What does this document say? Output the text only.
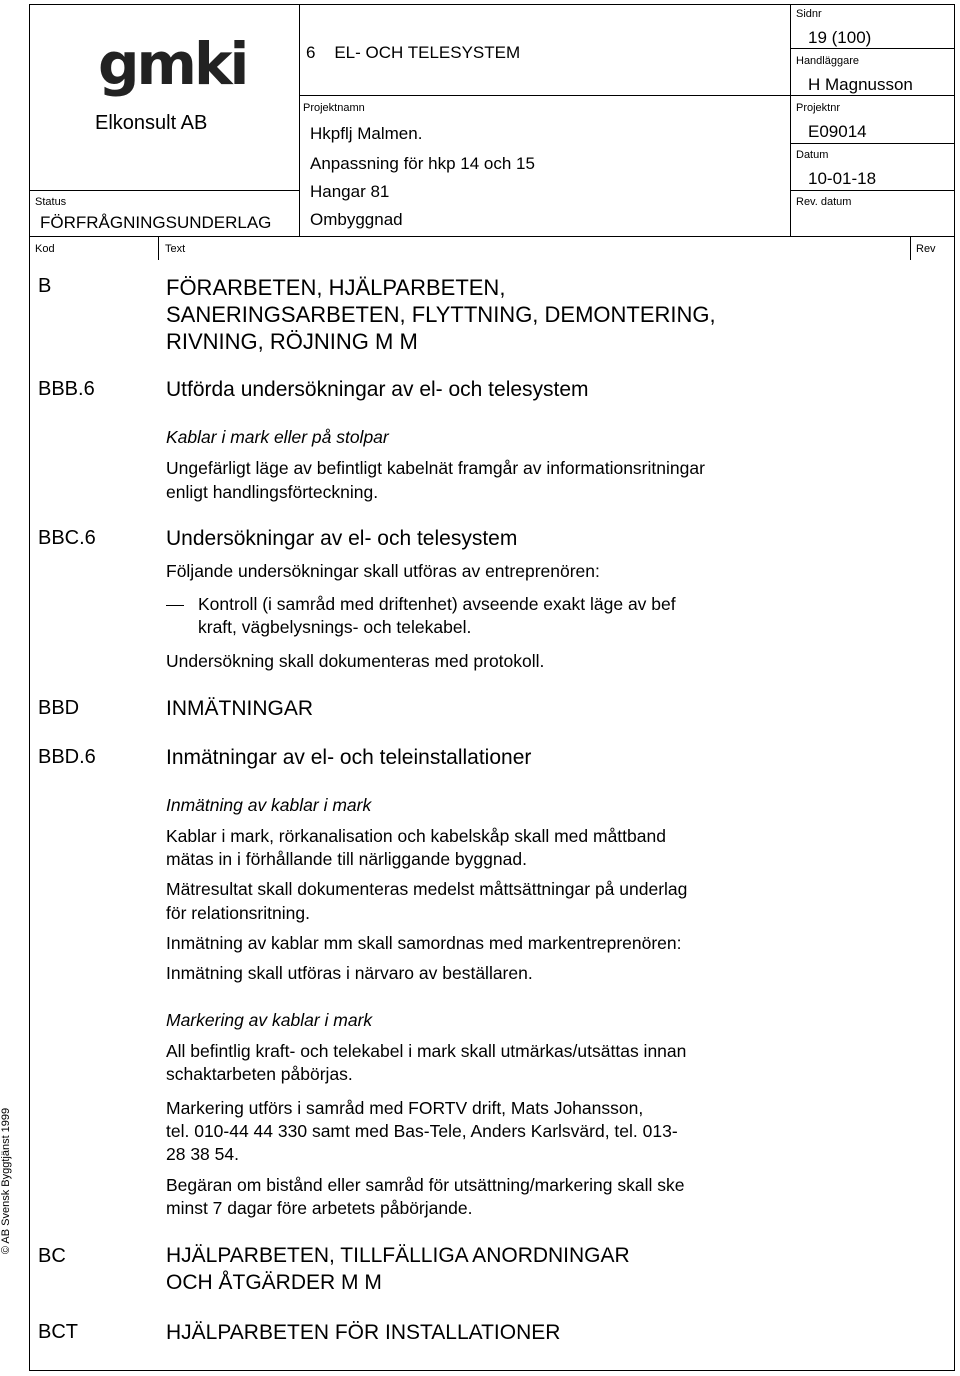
gmki
Elkonsult AB
Status
FÖRFRÅGNINGSUNDERLAG
6    EL- OCH TELESYSTEM
Projektnamn
Hkpflj Malmen.
Anpassning för hkp 14 och 15
Hangar 81
Ombyggnad
Sidnr
19 (100)
Handläggare
H Magnusson
Projektnr
E09014
Datum
10-01-18
Rev. datum
Kod	Text	Rev
B	FÖRARBETEN, HJÄLPARBETEN,
SANERINGSARBETEN, FLYTTNING, DEMONTERING,
RIVNING, RÖJNING M M
BBB.6	Utförda undersökningar av el- och telesystem
Kablar i mark eller på stolpar
Ungefärligt läge av befintligt kabelnät framgår av informationsritningar
enligt handlingsförteckning.
BBC.6	Undersökningar av el- och telesystem
Följande undersökningar skall utföras av entreprenören:
Kontroll (i samråd med driftenhet) avseende exakt läge av bef
kraft, vägbelysnings- och telekabel.
Undersökning skall dokumenteras med protokoll.
BBD	INMÄTNINGAR
BBD.6	Inmätningar av el- och teleinstallationer
Inmätning av kablar i mark
Kablar i mark, rörkanalisation och kabelskåp skall med måttband
mätas in i förhållande till närliggande byggnad.
Mätresultat skall dokumenteras medelst måttsättningar på underlag
för relationsritning.
Inmätning av kablar mm skall samordnas med markentreprenören:
Inmätning skall utföras i närvaro av beställaren.
Markering av kablar i mark
All befintlig kraft- och telekabel i mark skall utmärkas/utsättas innan
schaktarbeten påbörjas.
Markering utförs i samråd med FORTV drift, Mats Johansson,
tel. 010-44 44 330 samt med Bas-Tele, Anders Karlsvärd, tel. 013-
28 38 54.
Begäran om bistånd eller samråd för utsättning/markering skall ske
minst 7 dagar före arbetets påbörjande.
BC	HJÄLPARBETEN, TILLFÄLLIGA ANORDNINGAR
OCH ÅTGÄRDER M M
BCT	HJÄLPARBETEN FÖR INSTALLATIONER
© AB Svensk Byggtjänst 1999
